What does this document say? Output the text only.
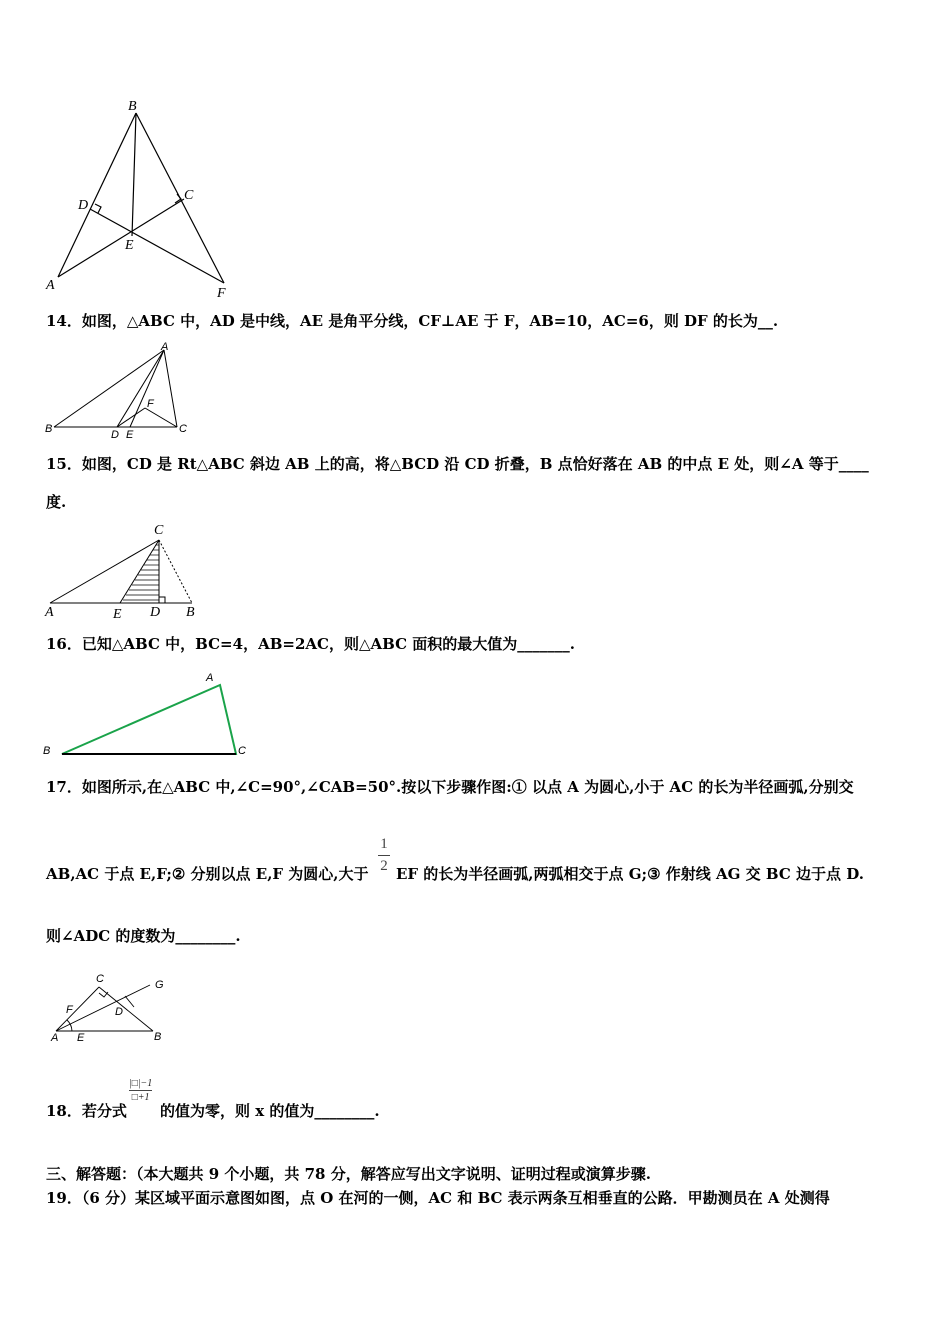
B
D
C
E
A
F
14．如图，△ABC 中，AD 是中线，AE 是角平分线，CF⊥AE 于 F，AB=10，AC=6，则 DF 的长为__.
A
B	D E
F
C
15．如图，CD 是 Rt△ABC 斜边 AB 上的高，将△BCD 沿 CD 折叠，B 点恰好落在 AB 的中点 E 处，则∠A 等于____
度.
C
A	E D B
16．已知△ABC 中，BC=4，AB=2AC，则△ABC 面积的最大值为_______.
A
B	C
17．如图所示,在△ABC 中,∠C=90°,∠CAB=50°.按以下步骤作图:① 以点 A 为圆心,小于 AC 的长为半径画弧,分别交
AB,AC 于点 E,F;② 分别以点 E,F 为圆心,大于
1
2 EF 的长为半径画弧,两弧相交于点 G;③ 作射线 AG 交 BC 边于点 D.
则∠ADC 的度数为________.
C	G
F	D
A E	B
18．若分式
|□|−1
□+1
的值为零，则 x 的值为________.
三、解答题：（本大题共 9 个小题，共 78 分，解答应写出文字说明、证明过程或演算步骤.
19．（6 分）某区域平面示意图如图，点 O 在河的一侧，AC 和 BC 表示两条互相垂直的公路．甲勘测员在 A 处测得
